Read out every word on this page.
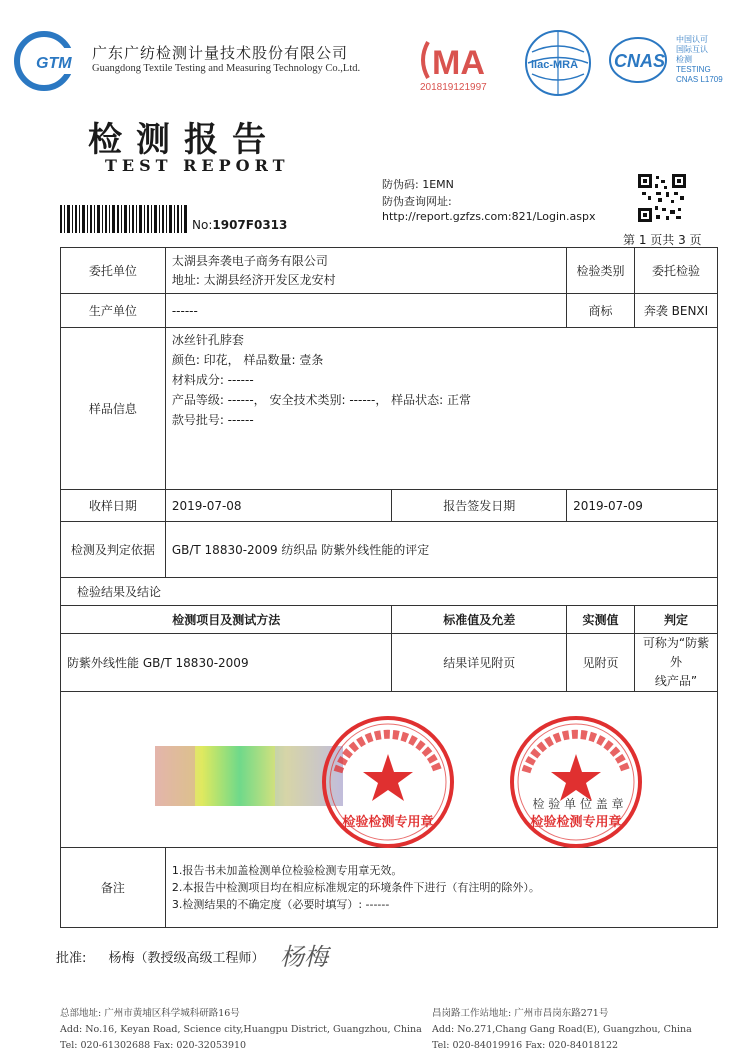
GTM
广东广纺检测计量技术股份有限公司
Guangdong Textile Testing and Measuring Technology Co.,Ltd. MA
201819121997
ilac-MRA CNAS
中国认可
国际互认
检测
TESTING
CNAS L1709
检测报告
TEST REPORT
No:1907F0313
防伪码: 1EMN
防伪查询网址:
http://report.gzfzs.com:821/Login.aspx
第 1 页共 3 页
委托单位	太湖县奔袭电子商务有限公司
地址: 太湖县经济开发区龙安村		检验类别	委托检验
生产单位	------		商标	奔袭 BENXI
样品信息	冰丝针孔脖套
颜色: 印花， 样品数量: 壹条
材料成分: ------
产品等级: ------， 安全技术类别: ------， 样品状态: 正常
款号批号: ------			

收样日期	2019-07-08	报告签发日期	2019-07-09	
检测及判定依据	GB/T 18830-2009 纺织品 防紫外线性能的评定			
检验结果及结论				
检测项目及测试方法		标准值及允差	实测值	判定
防紫外线性能 GB/T 18830-2009		结果详见附页	见附页	可称为“防紫外
线产品”

备注	1.报告书未加盖检测单位检验检测专用章无效。
2.本报告中检测项目均在相应标准规定的环境条件下进行（有注明的除外）。
3.检测结果的不确定度（必要时填写）: ------			
检验检测专用章
检 验 单 位 盖 章
检验检测专用章
批准: 杨梅（教授级高级工程师） 杨梅
总部地址: 广州市黄埔区科学城科研路16号
Add: No.16, Keyan Road, Science city,Huangpu District, Guangzhou, China
Tel: 020-61302688 Fax: 020-32053910
昌岗路工作站地址: 广州市昌岗东路271号
Add: No.271,Chang Gang Road(E), Guangzhou, China
Tel: 020-84019916 Fax: 020-84018122
